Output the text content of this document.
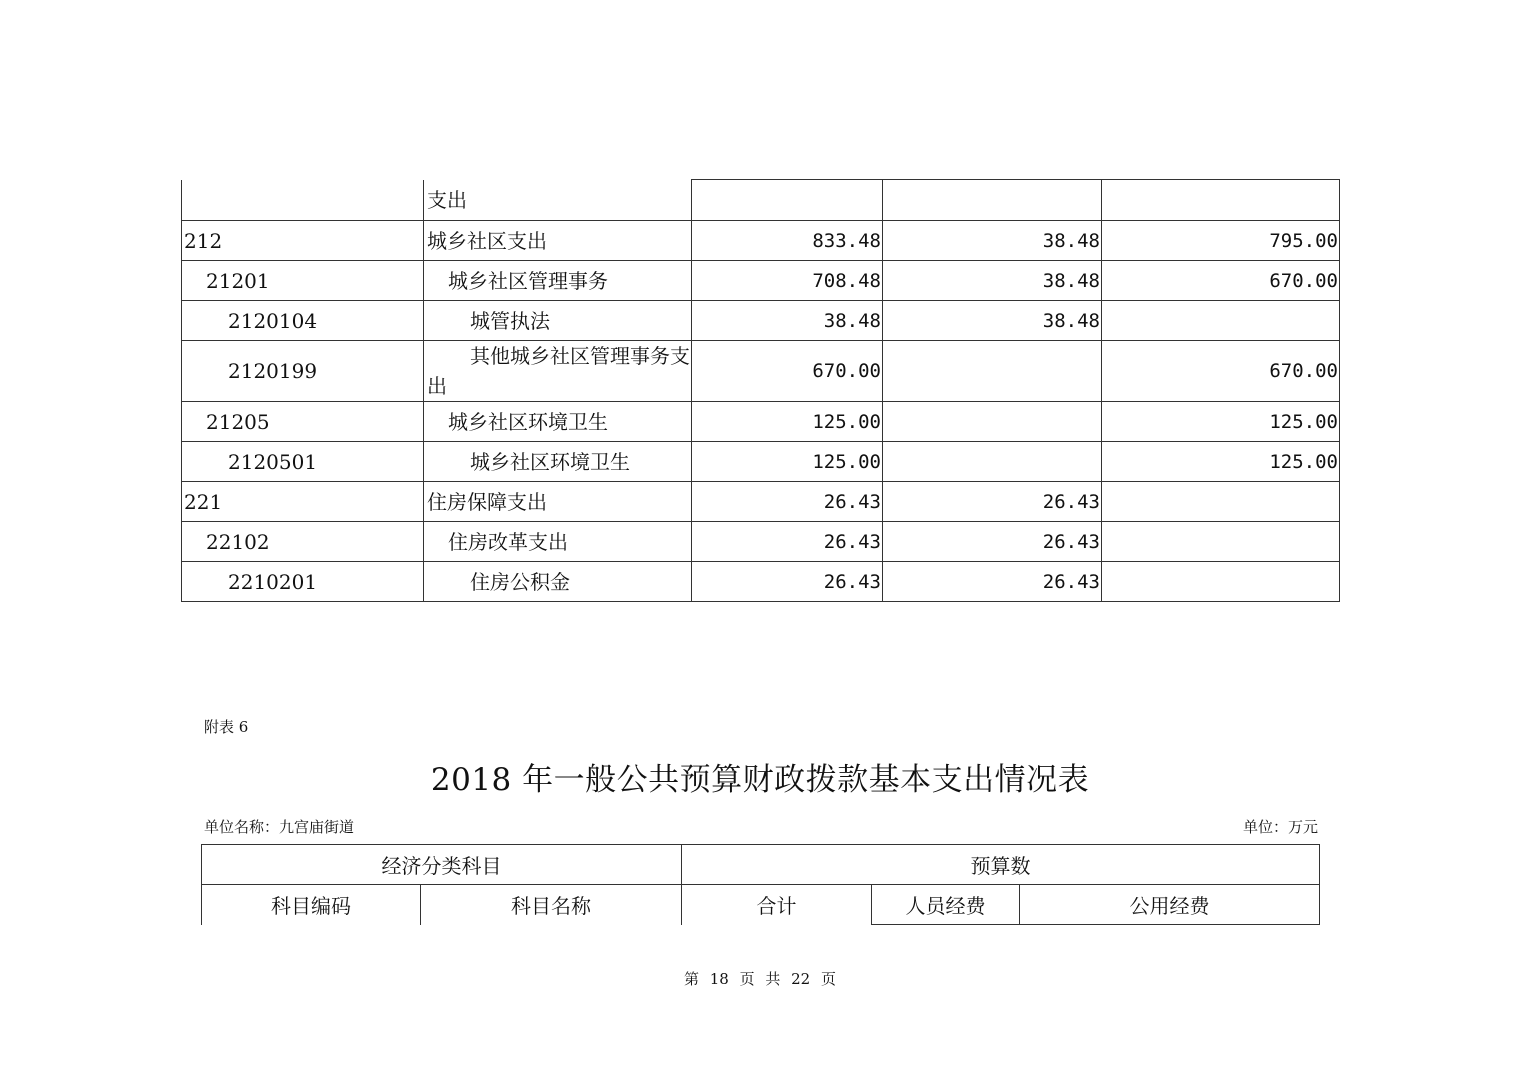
	支出			
212	城乡社区支出	833.48	38.48	795.00
21201	城乡社区管理事务	708.48	38.48	670.00
2120104	城管执法	38.48	38.48	
2120199	其他城乡社区管理事务支出	670.00		670.00
21205	城乡社区环境卫生	125.00		125.00
2120501	城乡社区环境卫生	125.00		125.00
221	住房保障支出	26.43	26.43	
22102	住房改革支出	26.43	26.43	
2210201	住房公积金	26.43	26.43	
附表 6
2018 年一般公共预算财政拨款基本支出情况表
单位名称：九宫庙街道	单位：万元
经济分类科目		预算数		
科目编码	科目名称	合计	人员经费	公用经费
第 18 页 共 22 页
